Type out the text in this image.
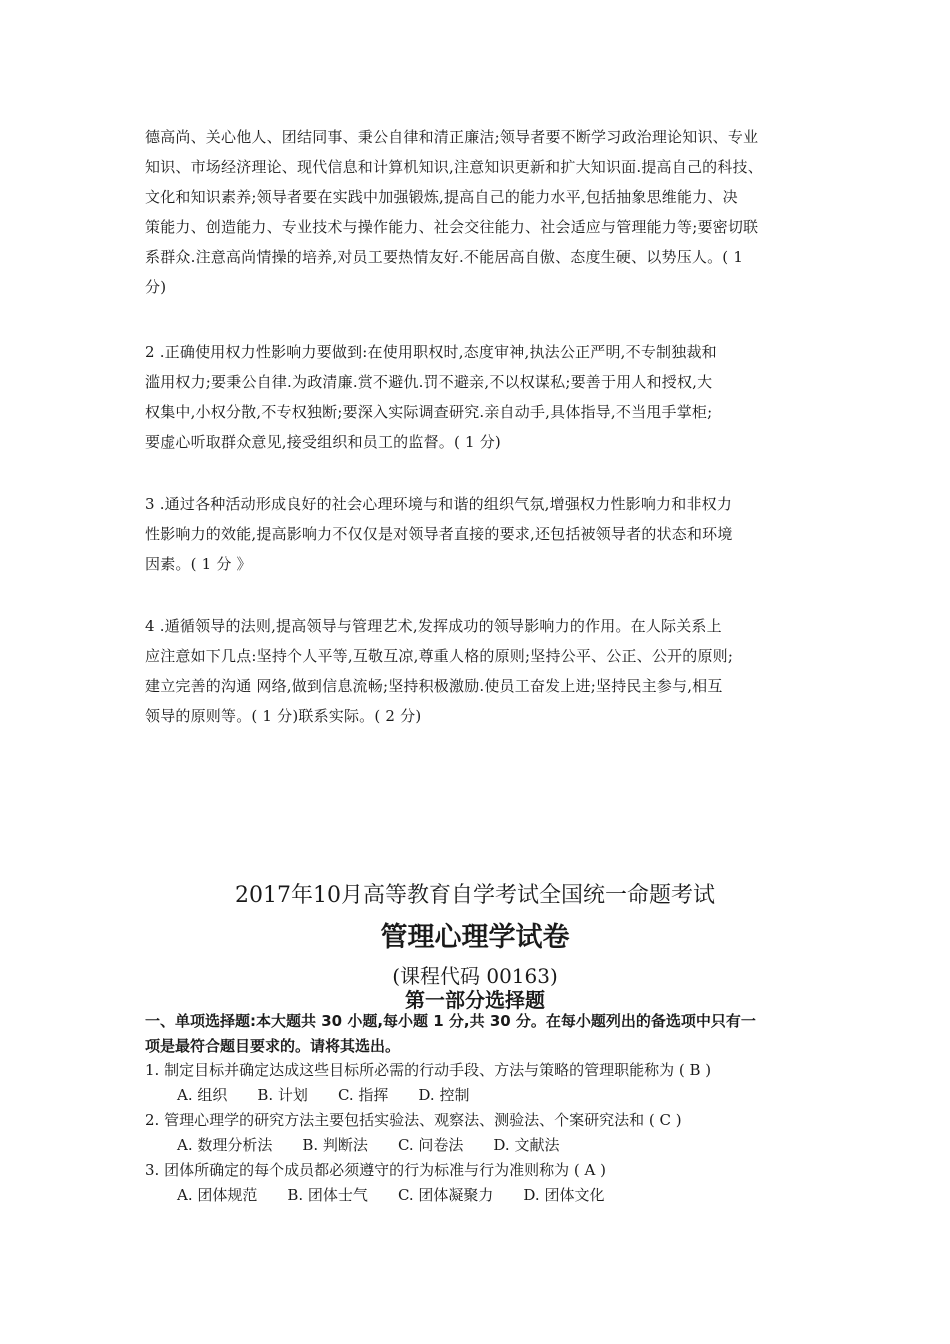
德高尚、关心他人、团结同事、秉公自律和清正廉洁;领导者要不断学习政治理论知识、专业
知识、市场经济理论、现代信息和计算机知识,注意知识更新和扩大知识面.提高自己的科技、
文化和知识素养;领导者要在实践中加强锻炼,提高自己的能力水平,包括抽象思维能力、决
策能力、创造能力、专业技术与操作能力、社会交往能力、社会适应与管理能力等;要密切联
系群众.注意高尚情操的培养,对员工要热情友好.不能居高自傲、态度生硬、以势压人。( 1
分)
2 .正确使用权力性影响力要做到:在使用职权时,态度审神,执法公正严明,不专制独裁和
滥用权力;要秉公自律.为政清廉.赏不避仇.罚不避亲,不以权谋私;要善于用人和授权,大
权集中,小权分散,不专权独断;要深入实际调查研究.亲自动手,具体指导,不当甩手掌柜;
要虚心听取群众意见,接受组织和员工的监督。( 1 分)
3 .通过各种活动形成良好的社会心理环境与和谐的组织气氛,增强权力性影响力和非权力
性影响力的效能,提高影响力不仅仅是对领导者直接的要求,还包括被领导者的状态和环境
因素。( 1 分 》
4 .遁循领导的法则,提高领导与管理艺术,发挥成功的领导影响力的作用。在人际关系上
应注意如下几点:坚持个人平等,互敬互凉,尊重人格的原则;坚持公平、公正、公开的原则;
建立完善的沟通 网络,做到信息流畅;坚持积极激励.使员工奋发上进;坚持民主参与,相互
领导的原则等。( 1 分)联系实际。( 2 分)
2017年10月高等教育自学考试全国统一命题考试
管理心理学试卷
(课程代码 00163)
第一部分选择题
一、单项选择题:本大题共 30 小题,每小题 1 分,共 30 分。在每小题列出的备选项中只有一
项是最符合题目要求的。请将其选出。
1. 制定目标并确定达成这些目标所必需的行动手段、方法与策略的管理职能称为 ( B )
A. 组织 B. 计划 C. 指挥 D. 控制
2. 管理心理学的研究方法主要包括实验法、观察法、测验法、个案研究法和 ( C )
A. 数理分析法 B. 判断法 C. 问卷法 D. 文献法
3. 团体所确定的每个成员都必须遵守的行为标准与行为准则称为 ( A )
A. 团体规范 B. 团体士气 C. 团体凝聚力 D. 团体文化
